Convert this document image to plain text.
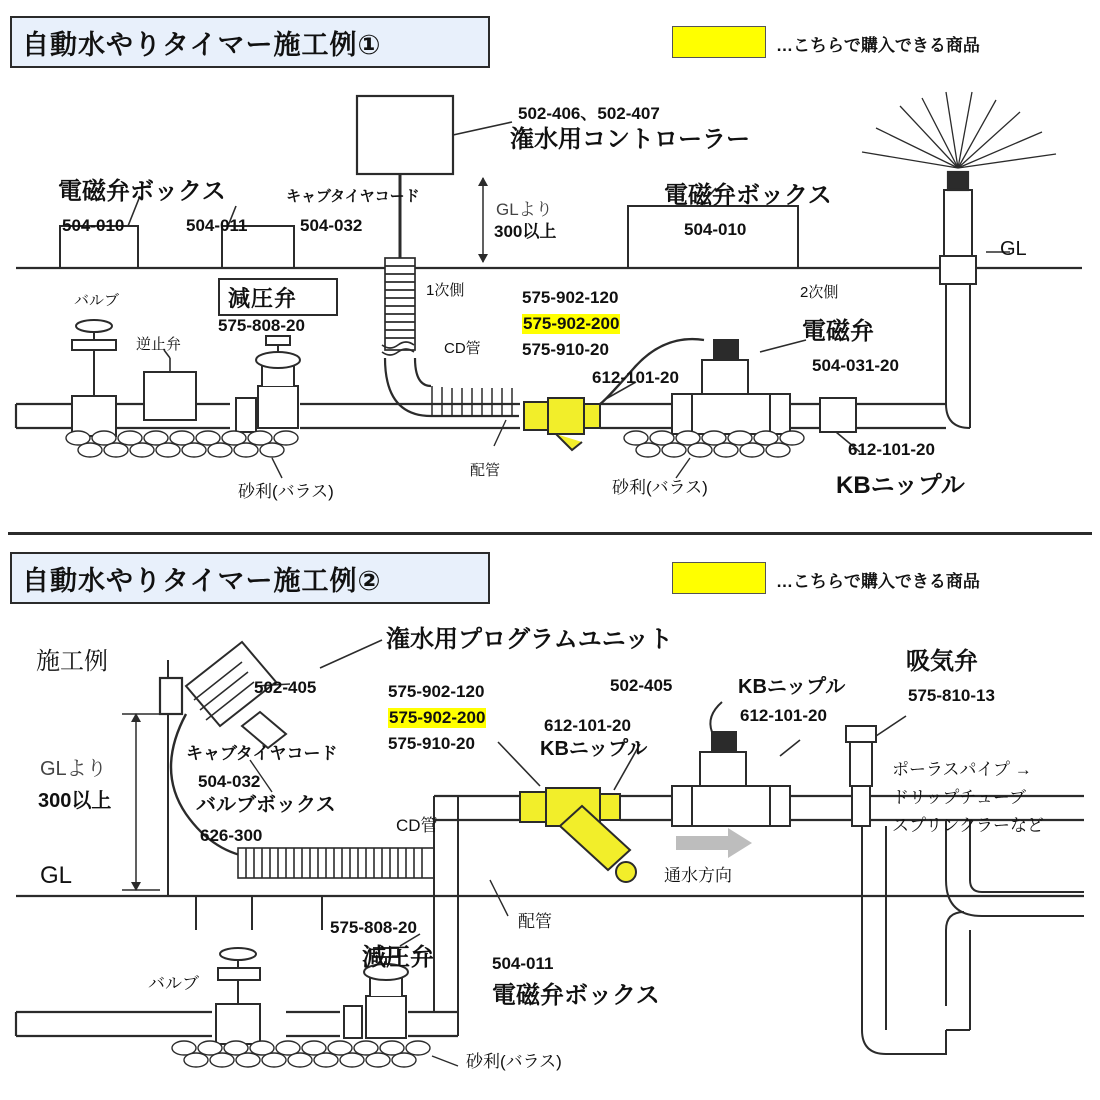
自動水やりタイマー施工例①	…こちらで購入できる商品
502-406、502-407
潅水用コントローラー
電磁弁ボックス
504-010	504-011
キャブタイヤコード
504-032
GLより
300以上
電磁弁ボックス
504-010
GL
バルブ
逆止弁
減圧弁
575-808-20
1次側	2次側
CD管
575-902-120
575-902-200
575-910-20
612-101-20
612-101-20
電磁弁
504-031-20
KBニップル
配管
砂利(バラス)	砂利(バラス)
自動水やりタイマー施工例②	…こちらで購入できる商品
施工例
潅水用プログラムユニット
502-405	502-405
キャブタイヤコード
504-032
バルブボックス
626-300
GLより
300以上
GL
575-902-120
575-902-200
575-910-20
612-101-20
KBニップル
KBニップル
612-101-20
吸気弁
575-810-13
CD管
通水方向
ポーラスパイプ →
ドリップチューブ
スプリンクラーなど
配管
575-808-20
減圧弁	504-011
電磁弁ボックス
バルブ
砂利(バラス)
